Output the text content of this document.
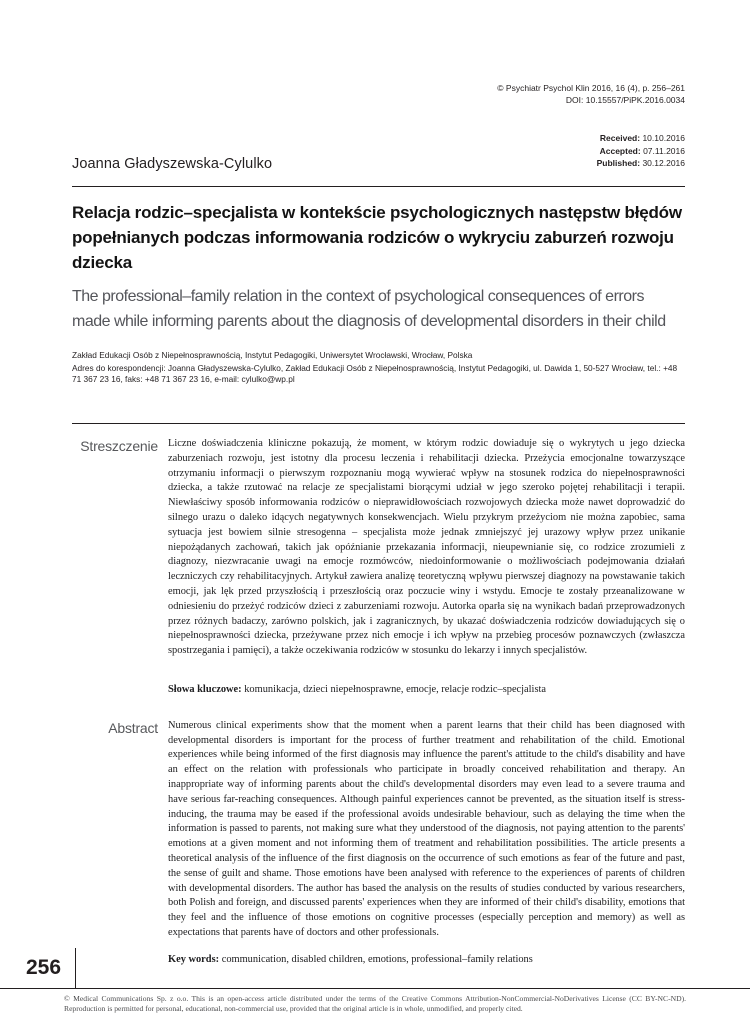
© Psychiatr Psychol Klin 2016, 16 (4), p. 256–261
DOI: 10.15557/PiPK.2016.0034
Received: 10.10.2016
Accepted: 07.11.2016
Published: 30.12.2016
Joanna Gładyszewska-Cylulko
Relacja rodzic–specjalista w kontekście psychologicznych następstw błędów popełnianych podczas informowania rodziców o wykryciu zaburzeń rozwoju dziecka
The professional–family relation in the context of psychological consequences of errors made while informing parents about the diagnosis of developmental disorders in their child
Zakład Edukacji Osób z Niepełnosprawnością, Instytut Pedagogiki, Uniwersytet Wrocławski, Wrocław, Polska
Adres do korespondencji: Joanna Gładyszewska-Cylulko, Zakład Edukacji Osób z Niepełnosprawnością, Instytut Pedagogiki, ul. Dawida 1, 50-527 Wrocław, tel.: +48 71 367 23 16, faks: +48 71 367 23 16, e-mail: cylulko@wp.pl
Streszczenie Liczne doświadczenia kliniczne pokazują, że moment, w którym rodzic dowiaduje się o wykrytych u jego dziecka zaburzeniach rozwoju, jest istotny dla procesu leczenia i rehabilitacji dziecka. Przeżycia emocjonalne towarzyszące otrzymaniu informacji o pierwszym rozpoznaniu mogą wywierać wpływ na stosunek rodzica do niepełnosprawności dziecka, a także rzutować na relacje ze specjalistami biorącymi udział w jego szeroko pojętej rehabilitacji i terapii. Niewłaściwy sposób informowania rodziców o nieprawidłowościach rozwojowych dziecka może nawet doprowadzić do silnego urazu o daleko idących negatywnych konsekwencjach. Wielu przykrym przeżyciom nie można zapobiec, sama sytuacja jest bowiem silnie stresogenna – specjalista może jednak zmniejszyć jej urazowy wpływ przez unikanie niepożądanych zachowań, takich jak opóźnianie przekazania informacji, nieupewnianie się, co rodzice zrozumieli z diagnozy, niezwracanie uwagi na emocje rozmówców, niedoinformowanie o możliwościach podejmowania działań leczniczych czy rehabilitacyjnych. Artykuł zawiera analizę teoretyczną wpływu pierwszej diagnozy na powstawanie takich emocji, jak lęk przed przyszłością i przeszłością oraz poczucie winy i wstydu. Emocje te zostały przeanalizowane w odniesieniu do przeżyć rodziców dzieci z zaburzeniami rozwoju. Autorka oparła się na wynikach badań przeprowadzonych przez różnych badaczy, zarówno polskich, jak i zagranicznych, by ukazać doświadczenia rodziców dowiadujących się o niepełnosprawności dziecka, przeżywane przez nich emocje i ich wpływ na przebieg procesów poznawczych (zwłaszcza spostrzegania i pamięci), a także oczekiwania rodziców w stosunku do lekarzy i innych specjalistów.

Słowa kluczowe: komunikacja, dzieci niepełnosprawne, emocje, relacje rodzic–specjalista

Abstract Numerous clinical experiments show that the moment when a parent learns that their child has been diagnosed with developmental disorders is important for the process of further treatment and rehabilitation of the child. Emotional experiences while being informed of the first diagnosis may influence the parent's attitude to the child's disability and have an effect on the relation with professionals who participate in broadly conceived rehabilitation and therapy. An inappropriate way of informing parents about the child's developmental disorders may even lead to a severe trauma and have serious far-reaching consequences. Although painful experiences cannot be prevented, as the situation itself is stress-inducing, the trauma may be eased if the professional avoids undesirable behaviour, such as delaying the time when the information is passed to parents, not making sure what they understood of the diagnosis, not paying attention to the parents' emotions at a given moment and not informing them of treatment and rehabilitation possibilities. The article presents a theoretical analysis of the influence of the first diagnosis on the occurrence of such emotions as fear of the future and past, the sense of guilt and shame. Those emotions have been analysed with reference to the experiences of parents of children with developmental disorders. The author has based the analysis on the results of studies conducted by various researchers, both Polish and foreign, and discussed parents' experiences when they are informed of their child's disability, emotions that they feel and the influence of those emotions on cognitive processes (especially perception and memory) as well as expectations that parents have of doctors and other professionals.

Key words: communication, disabled children, emotions, professional–family relations

256
© Medical Communications Sp. z o.o. This is an open-access article distributed under the terms of the Creative Commons Attribution-NonCommercial-NoDerivatives License (CC BY-NC-ND). Reproduction is permitted for personal, educational, non-commercial use, provided that the original article is in whole, unmodified, and properly cited.
